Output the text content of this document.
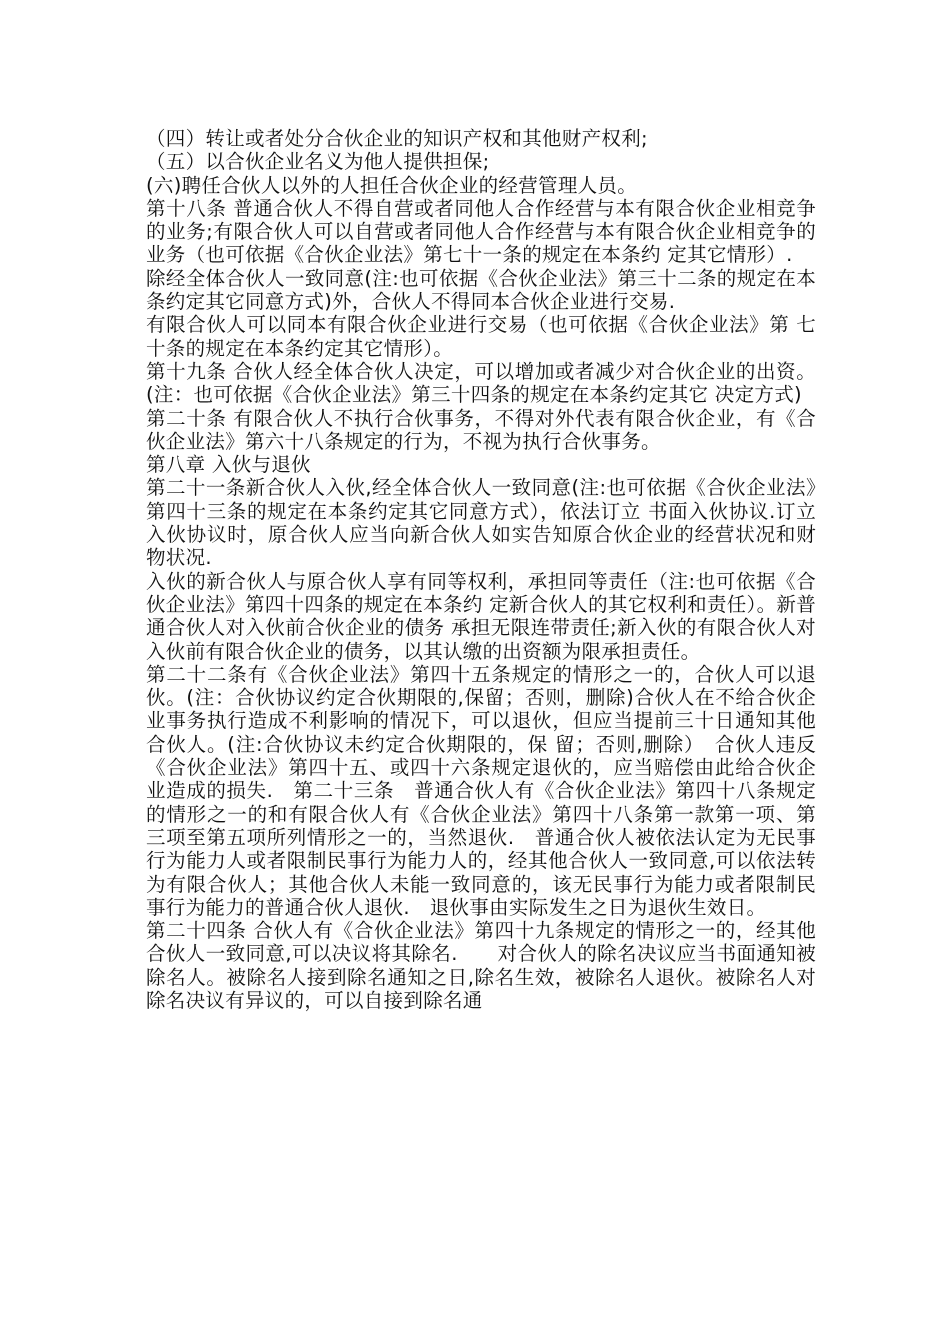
（四）转让或者处分合伙企业的知识产权和其他财产权利;

（五）以合伙企业名义为他人提供担保;

(六)聘任合伙人以外的人担任合伙企业的经营管理人员。

第十八条 普通合伙人不得自营或者同他人合作经营与本有限合伙企业相竞争的业务;有限合伙人可以自营或者同他人合作经营与本有限合伙企业相竞争的业务（也可依据《合伙企业法》第七十一条的规定在本条约 定其它情形）.

除经全体合伙人一致同意(注:也可依据《合伙企业法》第三十二条的规定在本条约定其它同意方式)外，合伙人不得同本合伙企业进行交易.

有限合伙人可以同本有限合伙企业进行交易（也可依据《合伙企业法》第 七十条的规定在本条约定其它情形）。

第十九条 合伙人经全体合伙人决定，可以增加或者减少对合伙企业的出资。(注：也可依据《合伙企业法》第三十四条的规定在本条约定其它 决定方式)

第二十条 有限合伙人不执行合伙事务，不得对外代表有限合伙企业，有《合伙企业法》第六十八条规定的行为，不视为执行合伙事务。

第八章 入伙与退伙

第二十一条新合伙人入伙,经全体合伙人一致同意(注:也可依据《合伙企业法》第四十三条的规定在本条约定其它同意方式），依法订立 书面入伙协议.订立入伙协议时，原合伙人应当向新合伙人如实告知原合伙企业的经营状况和财物状况.

入伙的新合伙人与原合伙人享有同等权利，承担同等责任（注:也可依据《合伙企业法》第四十四条的规定在本条约 定新合伙人的其它权利和责任）。新普通合伙人对入伙前合伙企业的债务 承担无限连带责任;新入伙的有限合伙人对入伙前有限合伙企业的债务，以其认缴的出资额为限承担责任。

第二十二条有《合伙企业法》第四十五条规定的情形之一的，合伙人可以退伙。(注：合伙协议约定合伙期限的,保留；否则，删除)合伙人在不给合伙企业事务执行造成不利影响的情况下，可以退伙，但应当提前三十日通知其他合伙人。(注:合伙协议未约定合伙期限的，保 留；否则,删除）　合伙人违反《合伙企业法》第四十五、或四十六条规定退伙的，应当赔偿由此给合伙企业造成的损失.　第二十三条　普通合伙人有《合伙企业法》第四十八条规定的情形之一的和有限合伙人有《合伙企业法》第四十八条第一款第一项、第三项至第五项所列情形之一的，当然退伙.　普通合伙人被依法认定为无民事行为能力人或者限制民事行为能力人的，经其他合伙人一致同意,可以依法转为有限合伙人；其他合伙人未能一致同意的，该无民事行为能力或者限制民事行为能力的普通合伙人退伙.　退伙事由实际发生之日为退伙生效日。

第二十四条 合伙人有《合伙企业法》第四十九条规定的情形之一的，经其他合伙人一致同意,可以决议将其除名.　　对合伙人的除名决议应当书面通知被除名人。被除名人接到除名通知之日,除名生效，被除名人退伙。被除名人对除名决议有异议的，可以自接到除名通
